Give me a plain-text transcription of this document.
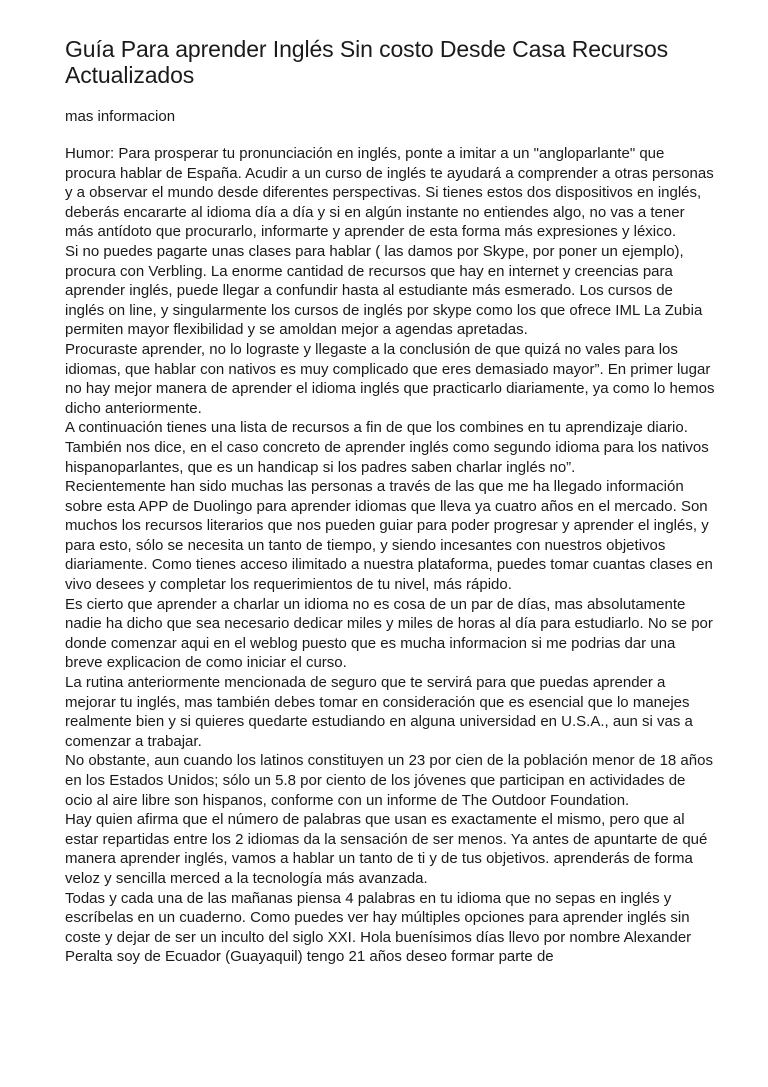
Guía Para aprender Inglés Sin costo Desde Casa Recursos Actualizados

mas informacion

Humor: Para prosperar tu pronunciación en inglés, ponte a imitar a un "angloparlante" que procura hablar de España. Acudir a un curso de inglés te ayudará a comprender a otras personas y a observar el mundo desde diferentes perspectivas. Si tienes estos dos dispositivos en inglés, deberás encararte al idioma día a día y si en algún instante no entiendes algo, no vas a tener más antídoto que procurarlo, informarte y aprender de esta forma más expresiones y léxico.

Si no puedes pagarte unas clases para hablar ( las damos por Skype, por poner un ejemplo), procura con Verbling. La enorme cantidad de recursos que hay en internet y creencias para aprender inglés, puede llegar a confundir hasta al estudiante más esmerado. Los cursos de inglés on line, y singularmente los cursos de inglés por skype como los que ofrece IML La Zubia permiten mayor flexibilidad y se amoldan mejor a agendas apretadas.

Procuraste aprender, no lo lograste y llegaste a la conclusión de que quizá no vales para los idiomas, que hablar con nativos es muy complicado que eres demasiado mayor”. En primer lugar no hay mejor manera de aprender el idioma inglés que practicarlo diariamente, ya como lo hemos dicho anteriormente.

A continuación tienes una lista de recursos a fin de que los combines en tu aprendizaje diario. También nos dice, en el caso concreto de aprender inglés como segundo idioma para los nativos hispanoparlantes, que es un handicap si los padres saben charlar inglés no”.

Recientemente han sido muchas las personas a través de las que me ha llegado información sobre esta APP de Duolingo para aprender idiomas que lleva ya cuatro años en el mercado. Son muchos los recursos literarios que nos pueden guiar para poder progresar y aprender el inglés, y para esto, sólo se necesita un tanto de tiempo, y siendo incesantes con nuestros objetivos diariamente. Como tienes acceso ilimitado a nuestra plataforma, puedes tomar cuantas clases en vivo desees y completar los requerimientos de tu nivel, más rápido.

Es cierto que aprender a charlar un idioma no es cosa de un par de días, mas absolutamente nadie ha dicho que sea necesario dedicar miles y miles de horas al día para estudiarlo. No se por donde comenzar aqui en el weblog puesto que es mucha informacion si me podrias dar una breve explicacion de como iniciar el curso.

La rutina anteriormente mencionada de seguro que te servirá para que puedas aprender a mejorar tu inglés, mas también debes tomar en consideración que es esencial que lo manejes realmente bien y si quieres quedarte estudiando en alguna universidad en U.S.A., aun si vas a comenzar a trabajar.

No obstante, aun cuando los latinos constituyen un 23 por cien de la población menor de 18 años en los Estados Unidos; sólo un 5.8 por ciento de los jóvenes que participan en actividades de ocio al aire libre son hispanos, conforme con un informe de The Outdoor Foundation.

Hay quien afirma que el número de palabras que usan es exactamente el mismo, pero que al estar repartidas entre los 2 idiomas da la sensación de ser menos. Ya antes de apuntarte de qué manera aprender inglés, vamos a hablar un tanto de ti y de tus objetivos. aprenderás de forma veloz y sencilla merced a la tecnología más avanzada.

Todas y cada una de las mañanas piensa 4 palabras en tu idioma que no sepas en inglés y escríbelas en un cuaderno. Como puedes ver hay múltiples opciones para aprender inglés sin coste y dejar de ser un inculto del siglo XXI. Hola buenísimos días llevo por nombre Alexander Peralta soy de Ecuador (Guayaquil) tengo 21 años deseo formar parte de
